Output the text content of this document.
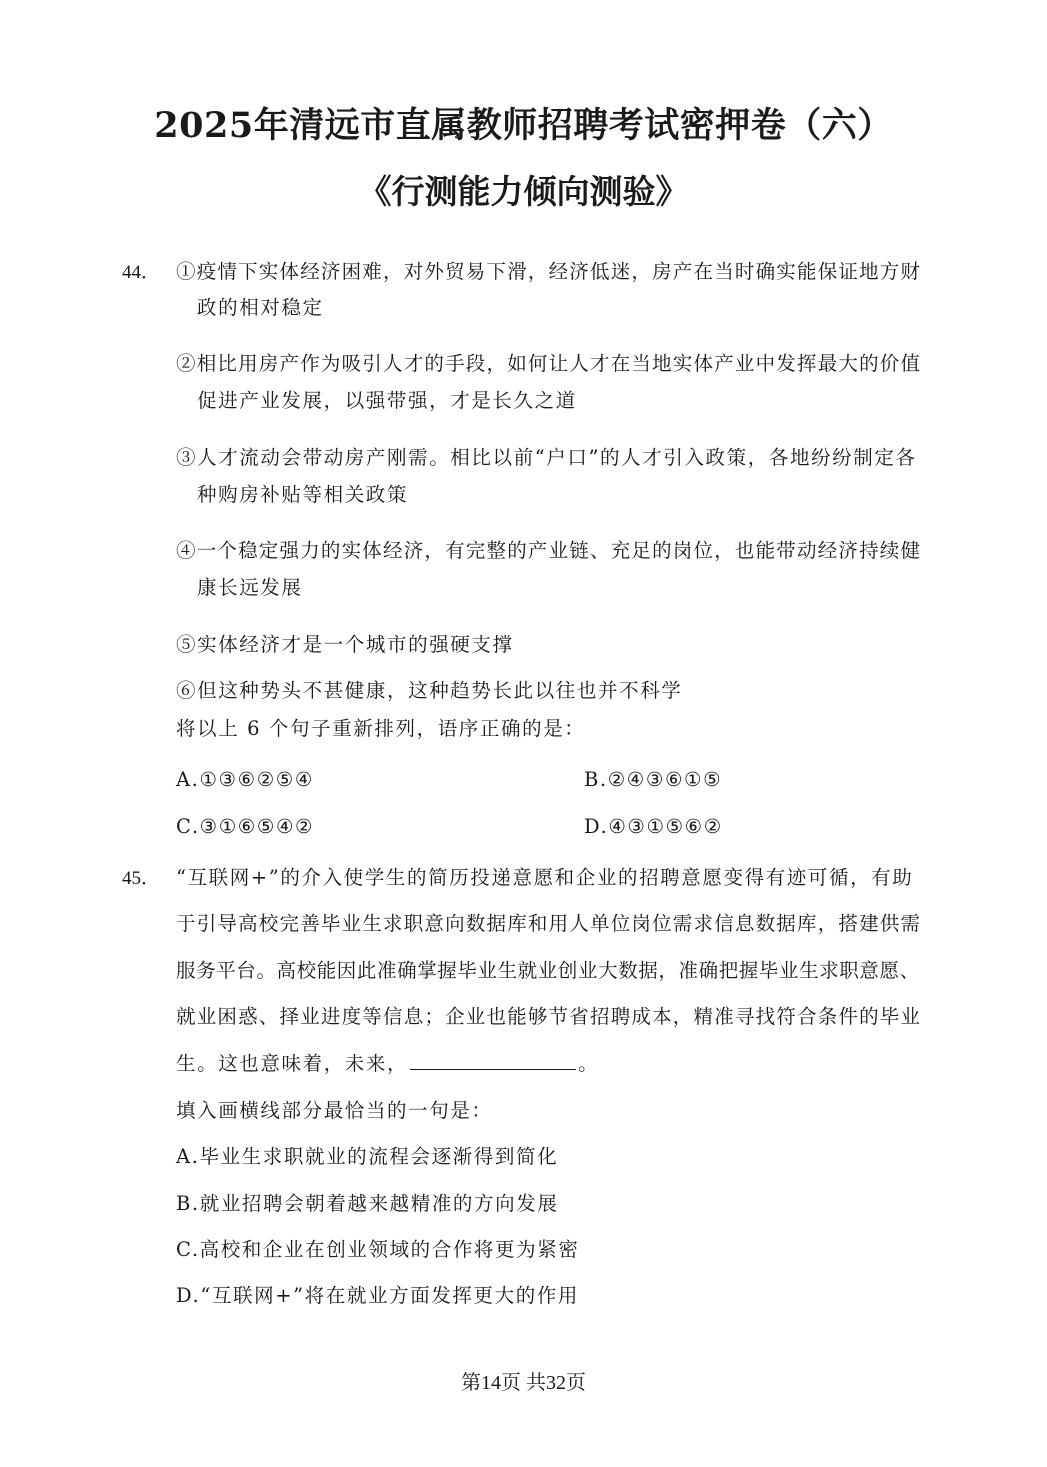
2025年清远市直属教师招聘考试密押卷（六）
《行测能力倾向测验》
44． ①疫情下实体经济困难，对外贸易下滑，经济低迷，房产在当时确实能保证地方财
政的相对稳定
②相比用房产作为吸引人才的手段，如何让人才在当地实体产业中发挥最大的价值
促进产业发展，以强带强，才是长久之道
③人才流动会带动房产刚需。相比以前“户口”的人才引入政策，各地纷纷制定各
种购房补贴等相关政策
④一个稳定强力的实体经济，有完整的产业链、充足的岗位，也能带动经济持续健
康长远发展
⑤实体经济才是一个城市的强硬支撑
⑥但这种势头不甚健康，这种趋势长此以往也并不科学
将以上 6 个句子重新排列，语序正确的是：
A.①③⑥②⑤④	B.②④③⑥①⑤
C.③①⑥⑤④②	D.④③①⑤⑥②
45． “互联网+”的介入使学生的简历投递意愿和企业的招聘意愿变得有迹可循，有助
于引导高校完善毕业生求职意向数据库和用人单位岗位需求信息数据库，搭建供需
服务平台。高校能因此准确掌握毕业生就业创业大数据，准确把握毕业生求职意愿、
就业困惑、择业进度等信息；企业也能够节省招聘成本，精准寻找符合条件的毕业
生。这也意味着，未来，	。
填入画横线部分最恰当的一句是：
A.毕业生求职就业的流程会逐渐得到简化
B.就业招聘会朝着越来越精准的方向发展
C.高校和企业在创业领域的合作将更为紧密
D.“互联网+”将在就业方面发挥更大的作用
第14页 共32页
